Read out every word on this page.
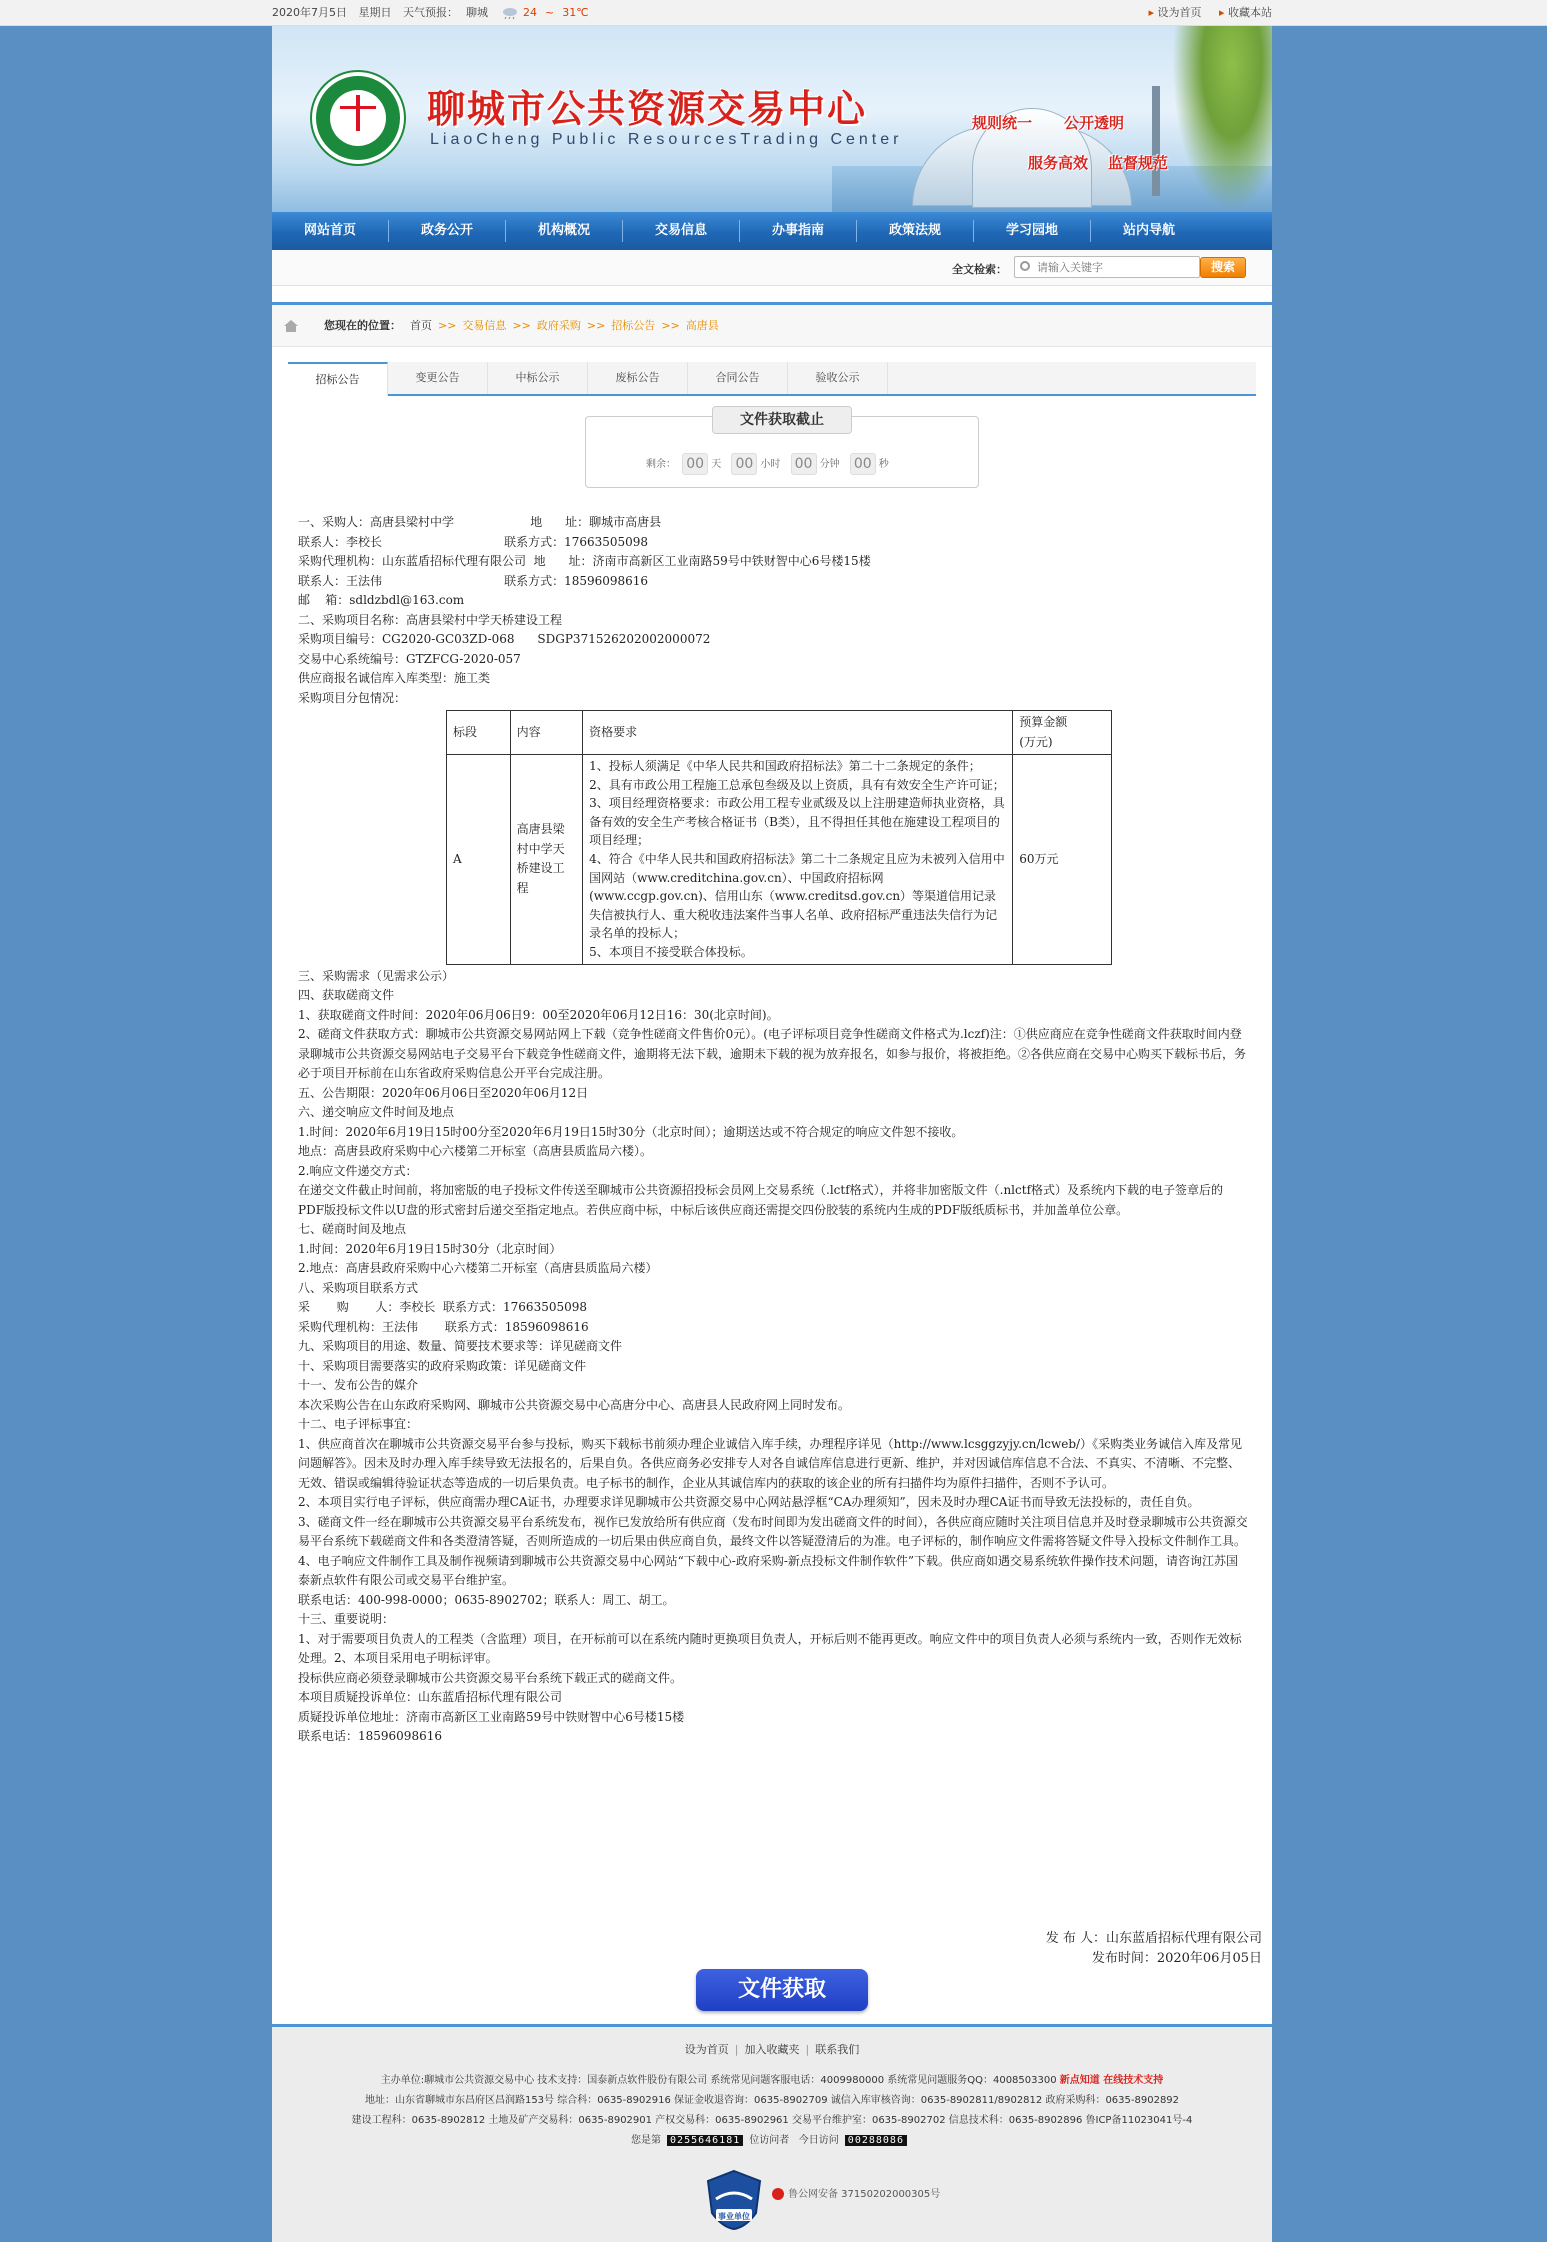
2020年7月5日 星期日 天气预报： 聊城	24 ~ 31℃	▸ 设为首页 ▸ 收藏本站
聊城市公共资源交易中心
LiaoCheng Public ResourcesTrading Center
规则统一 公开透明
服务高效 监督规范
网站首页	政务公开	机构概况	交易信息	办事指南	政策法规	学习园地	站内导航
全文检索：
请输入关键字	搜索
您现在的位置： 首页 >> 交易信息 >> 政府采购 >> 招标公告 >> 高唐县
招标公告	变更公告	中标公示	废标公告	合同公告	验收公示
文件获取截止
剩余： 00 天 00 小时 00 分钟 00 秒

一、采购人：高唐县梁村中学                    地      址：聊城市高唐县

联系人：李校长                                联系方式：17663505098

采购代理机构：山东蓝盾招标代理有限公司  地      址：济南市高新区工业南路59号中铁财智中心6号楼15楼

联系人：王法伟                                联系方式：18596098616

邮    箱：sdldzbdl@163.com

二、采购项目名称：高唐县梁村中学天桥建设工程

采购项目编号：CG2020-GC03ZD-068      SDGP371526202002000072

交易中心系统编号：GTZFCG-2020-057

供应商报名诚信库入库类型：施工类

采购项目分包情况：

标段	内容	资格要求	预算金额
(万元)
A	高唐县梁村中学天桥建设工程	1、投标人须满足《中华人民共和国政府招标法》第二十二条规定的条件；
2、具有市政公用工程施工总承包叁级及以上资质，具有有效安全生产许可证；
3、项目经理资格要求：市政公用工程专业贰级及以上注册建造师执业资格，具备有效的安全生产考核合格证书（B类），且不得担任其他在施建设工程项目的项目经理；
4、符合《中华人民共和国政府招标法》第二十二条规定且应为未被列入信用中国网站（www.creditchina.gov.cn）、中国政府招标网(www.ccgp.gov.cn)、信用山东（www.creditsd.gov.cn）等渠道信用记录失信被执行人、重大税收违法案件当事人名单、政府招标严重违法失信行为记录名单的投标人；
5、本项目不接受联合体投标。	60万元

三、采购需求（见需求公示）

四、获取磋商文件

1、获取磋商文件时间：2020年06月06日9：00至2020年06月12日16：30(北京时间)。

2、磋商文件获取方式：聊城市公共资源交易网站网上下载（竞争性磋商文件售价0元）。(电子评标项目竞争性磋商文件格式为.lczf)注：①供应商应在竞争性磋商文件获取时间内登录聊城市公共资源交易网站电子交易平台下载竞争性磋商文件，逾期将无法下载，逾期未下载的视为放弃报名，如参与报价，将被拒绝。②各供应商在交易中心购买下载标书后，务必于项目开标前在山东省政府采购信息公开平台完成注册。

五、公告期限：2020年06月06日至2020年06月12日

六、递交响应文件时间及地点

1.时间：2020年6月19日15时00分至2020年6月19日15时30分（北京时间）；逾期送达或不符合规定的响应文件恕不接收。

地点：高唐县政府采购中心六楼第二开标室（高唐县质监局六楼）。

2.响应文件递交方式：

在递交文件截止时间前，将加密版的电子投标文件传送至聊城市公共资源招投标会员网上交易系统（.lctf格式），并将非加密版文件（.nlctf格式）及系统内下载的电子签章后的PDF版投标文件以U盘的形式密封后递交至指定地点。若供应商中标，中标后该供应商还需提交四份胶装的系统内生成的PDF版纸质标书，并加盖单位公章。

七、磋商时间及地点

1.时间：2020年6月19日15时30分（北京时间）

2.地点：高唐县政府采购中心六楼第二开标室（高唐县质监局六楼）

八、采购项目联系方式

采       购       人：李校长  联系方式：17663505098

采购代理机构：王法伟       联系方式：18596098616

九、采购项目的用途、数量、简要技术要求等：详见磋商文件

十、采购项目需要落实的政府采购政策：详见磋商文件

十一、发布公告的媒介

本次采购公告在山东政府采购网、聊城市公共资源交易中心高唐分中心、高唐县人民政府网上同时发布。

十二、电子评标事宜：

1、供应商首次在聊城市公共资源交易平台参与投标，购买下载标书前须办理企业诚信入库手续，办理程序详见（http://www.lcsggzyjy.cn/lcweb/）《采购类业务诚信入库及常见问题解答》。因未及时办理入库手续导致无法报名的，后果自负。各供应商务必安排专人对各自诚信库信息进行更新、维护，并对因诚信库信息不合法、不真实、不清晰、不完整、无效、错误或编辑待验证状态等造成的一切后果负责。电子标书的制作，企业从其诚信库内的获取的该企业的所有扫描件均为原件扫描件，否则不予认可。

2、本项目实行电子评标，供应商需办理CA证书，办理要求详见聊城市公共资源交易中心网站悬浮框“CA办理须知”，因未及时办理CA证书而导致无法投标的，责任自负。

3、磋商文件一经在聊城市公共资源交易平台系统发布，视作已发放给所有供应商（发布时间即为发出磋商文件的时间），各供应商应随时关注项目信息并及时登录聊城市公共资源交易平台系统下载磋商文件和各类澄清答疑，否则所造成的一切后果由供应商自负，最终文件以答疑澄清后的为准。电子评标的，制作响应文件需将答疑文件导入投标文件制作工具。

4、电子响应文件制作工具及制作视频请到聊城市公共资源交易中心网站“下载中心-政府采购-新点投标文件制作软件”下载。供应商如遇交易系统软件操作技术问题，请咨询江苏国泰新点软件有限公司或交易平台维护室。

联系电话：400-998-0000；0635-8902702；联系人：周工、胡工。

十三、重要说明：

1、对于需要项目负责人的工程类（含监理）项目，在开标前可以在系统内随时更换项目负责人，开标后则不能再更改。响应文件中的项目负责人必须与系统内一致，否则作无效标处理。2、本项目采用电子明标评审。

投标供应商必须登录聊城市公共资源交易平台系统下载正式的磋商文件。

本项目质疑投诉单位：山东蓝盾招标代理有限公司

质疑投诉单位地址：济南市高新区工业南路59号中铁财智中心6号楼15楼

联系电话：18596098616

发 布 人：山东蓝盾招标代理有限公司
发布时间：2020年06月05日
文件获取
设为首页 | 加入收藏夹 | 联系我们
主办单位:聊城市公共资源交易中心 技术支持：国泰新点软件股份有限公司 系统常见问题客服电话：4009980000 系统常见问题服务QQ：4008503300 新点知道 在线技术支持
地址：山东省聊城市东昌府区昌润路153号 综合科：0635-8902916 保证金收退咨询：0635-8902709 诚信入库审核咨询：0635-8902811/8902812 政府采购科：0635-8902892
建设工程科：0635-8902812 土地及矿产交易科：0635-8902901 产权交易科：0635-8902961 交易平台维护室：0635-8902702 信息技术科：0635-8902896 鲁ICP备11023041号-4
您是第 0255646181 位访问者 今日访问 00288086
事业单位
鲁公网安备 37150202000305号
